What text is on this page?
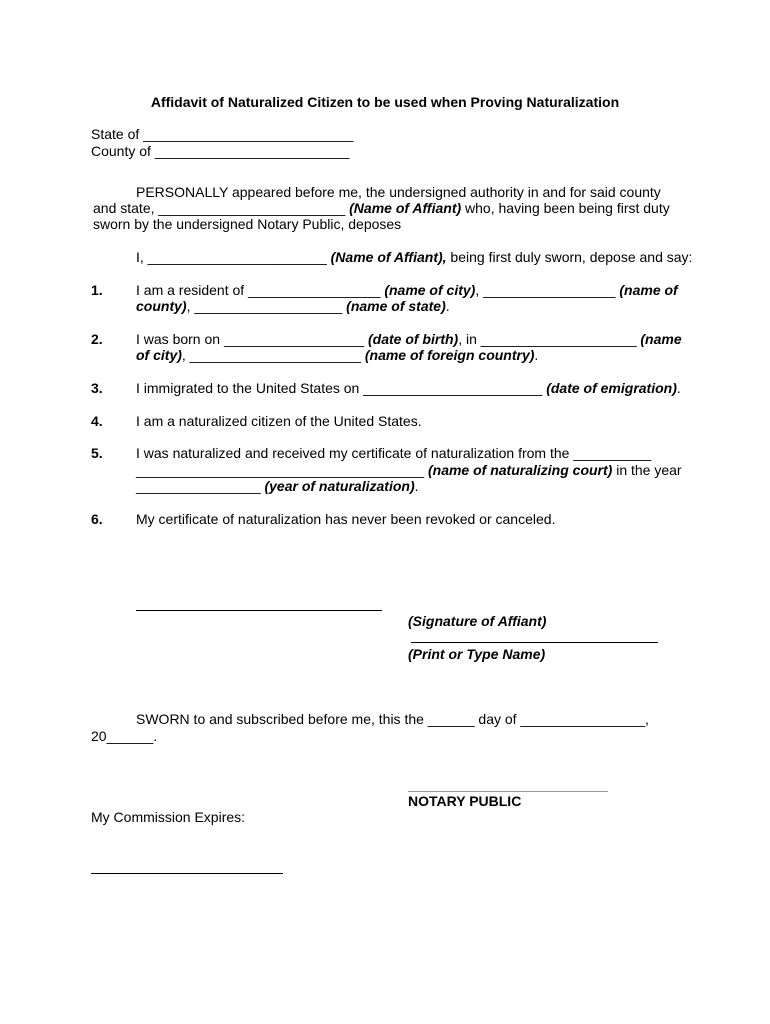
Affidavit of Naturalized Citizen to be used when Proving Naturalization
State of ___________________________
County of _________________________
PERSONALLY appeared before me, the undersigned authority in and for said county
and state, ________________________ (Name of Affiant) who, having been being first duty
sworn by the undersigned Notary Public, deposes
I, _______________________ (Name of Affiant), being first duly sworn, depose and say:
1. I am a resident of _________________ (name of city), _________________ (name of
county), ___________________ (name of state).
2. I was born on __________________ (date of birth), in ____________________ (name
of city), ______________________ (name of foreign country).
3. I immigrated to the United States on _______________________ (date of emigration).
4. I am a naturalized citizen of the United States.
5. I was naturalized and received my certificate of naturalization from the __________
_____________________________________ (name of naturalizing court) in the year
________________ (year of naturalization).
6. My certificate of naturalization has never been revoked or canceled.
(Signature of Affiant)
(Print or Type Name)
SWORN to and subscribed before me, this the ______ day of ________________,
20______.
NOTARY PUBLIC
My Commission Expires:
